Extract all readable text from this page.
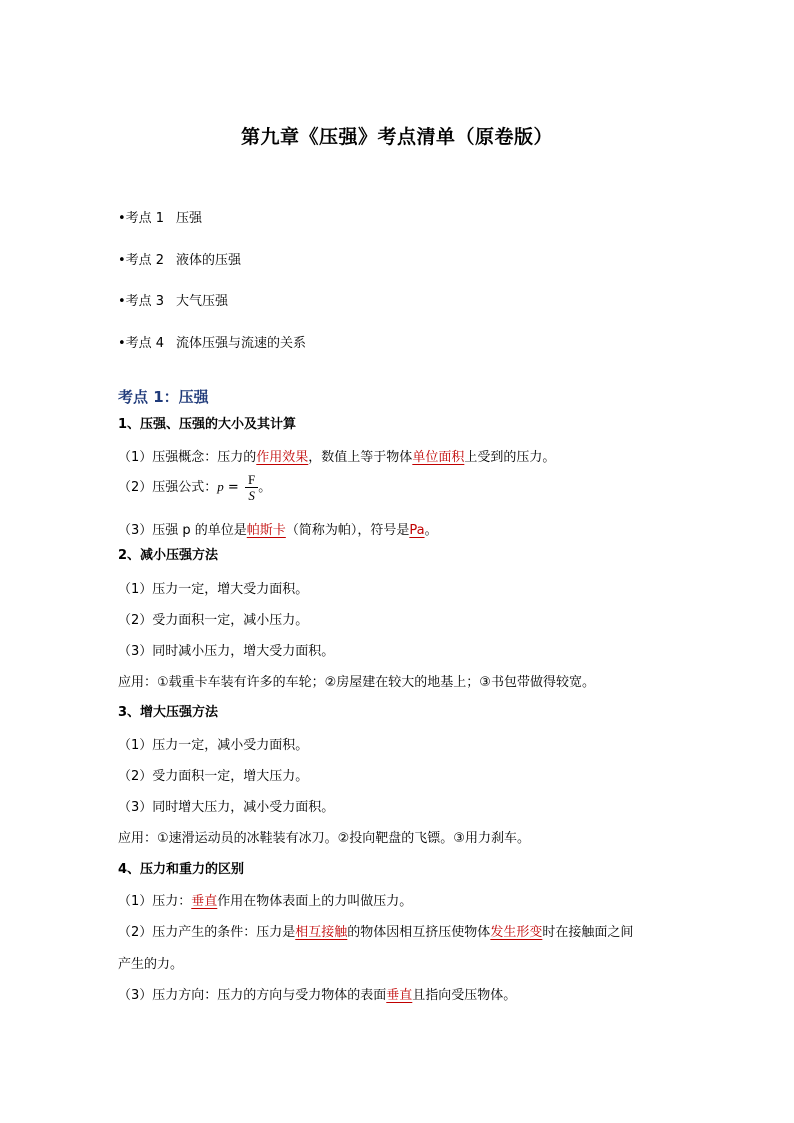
第九章《压强》考点清单（原卷版）
•考点 1 压强
•考点 2 液体的压强
•考点 3 大气压强
•考点 4 流体压强与流速的关系
考点 1：压强
1、压强、压强的大小及其计算
（1）压强概念：压力的作用效果，数值上等于物体单位面积上受到的压力。
（2）压强公式：$p = \frac{F}{S}$ 。
（3）压强 p 的单位是帕斯卡（简称为帕），符号是Pa。
2、减小压强方法
（1）压力一定，增大受力面积。
（2）受力面积一定，减小压力。
（3）同时减小压力，增大受力面积。
应用：①载重卡车装有许多的车轮；②房屋建在较大的地基上；③书包带做得较宽。
3、增大压强方法
（1）压力一定，减小受力面积。
（2）受力面积一定，增大压力。
（3）同时增大压力，减小受力面积。
应用：①速滑运动员的冰鞋装有冰刀。②投向靶盘的飞镖。③用力刹车。
4、压力和重力的区别
（1）压力：垂直作用在物体表面上的力叫做压力。
（2）压力产生的条件：压力是相互接触的物体因相互挤压使物体发生形变时在接触面之间
产生的力。
（3）压力方向：压力的方向与受力物体的表面垂直且指向受压物体。
